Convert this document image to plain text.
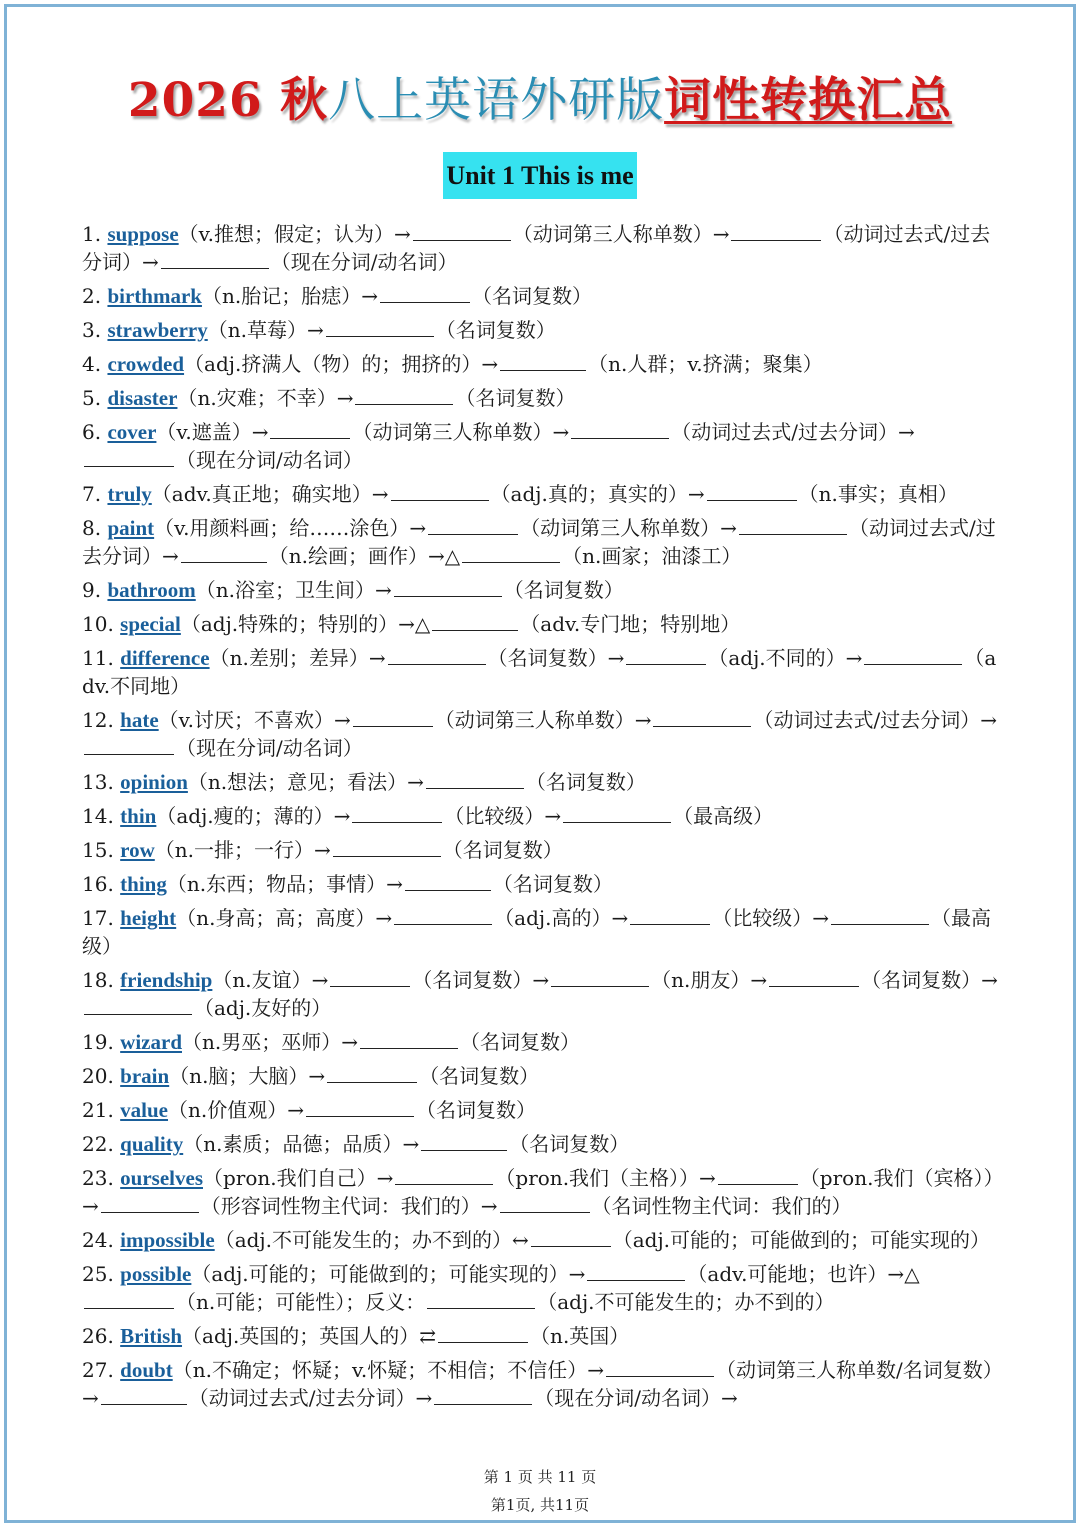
2026 秋八上英语外研版词性转换汇总
Unit 1 This is me
1. suppose（v.推想；假定；认为）→	（动词第三人称单数）→	（动词过去式/过去分词）→	（现在分词/动名词）
2. birthmark（n.胎记；胎痣）→	（名词复数）
3. strawberry（n.草莓）→	（名词复数）
4. crowded（adj.挤满人（物）的；拥挤的）→	（n.人群；v.挤满；聚集）
5. disaster（n.灾难；不幸）→	（名词复数）
6. cover（v.遮盖）→	（动词第三人称单数）→	（动词过去式/过去分词）→（现在分词/动名词）
7. truly（adv.真正地；确实地）→	（adj.真的；真实的）→	（n.事实；真相）
8. paint（v.用颜料画；给……涂色）→	（动词第三人称单数）→	（动词过去式/过去分词）→	（n.绘画；画作）→△	（n.画家；油漆工）
9. bathroom（n.浴室；卫生间）→	（名词复数）
10. special（adj.特殊的；特别的）→△	（adv.专门地；特别地）
11. difference（n.差别；差异）→	（名词复数）→	（adj.不同的）→	（adv.不同地）
12. hate（v.讨厌；不喜欢）→	（动词第三人称单数）→	（动词过去式/过去分词）→（现在分词/动名词）
13. opinion（n.想法；意见；看法）→	（名词复数）
14. thin（adj.瘦的；薄的）→	（比较级）→	（最高级）
15. row（n.一排；一行）→	（名词复数）
16. thing（n.东西；物品；事情）→	（名词复数）
17. height（n.身高；高；高度）→	（adj.高的）→	（比较级）→	（最高级）
18. friendship（n.友谊）→	（名词复数）→	（n.朋友）→	（名词复数）→（adj.友好的）
19. wizard（n.男巫；巫师）→	（名词复数）
20. brain（n.脑；大脑）→	（名词复数）
21. value（n.价值观）→	（名词复数）
22. quality（n.素质；品德；品质）→	（名词复数）
23. ourselves（pron.我们自己）→	（pron.我们（主格））→	（pron.我们（宾格））→	（形容词性物主代词：我们的）→	（名词性物主代词：我们的）
24. impossible（adj.不可能发生的；办不到的）↔	（adj.可能的；可能做到的；可能实现的）
25. possible（adj.可能的；可能做到的；可能实现的）→	（adv.可能地；也许）→△（n.可能；可能性）；反义：	（adj.不可能发生的；办不到的）
26. British（adj.英国的；英国人的）⇄	（n.英国）
27. doubt（n.不确定；怀疑；v.怀疑；不相信；不信任）→	（动词第三人称单数/名词复数）→	（动词过去式/过去分词）→	（现在分词/动名词）→
第 1 页 共 11 页
第1页, 共11页
